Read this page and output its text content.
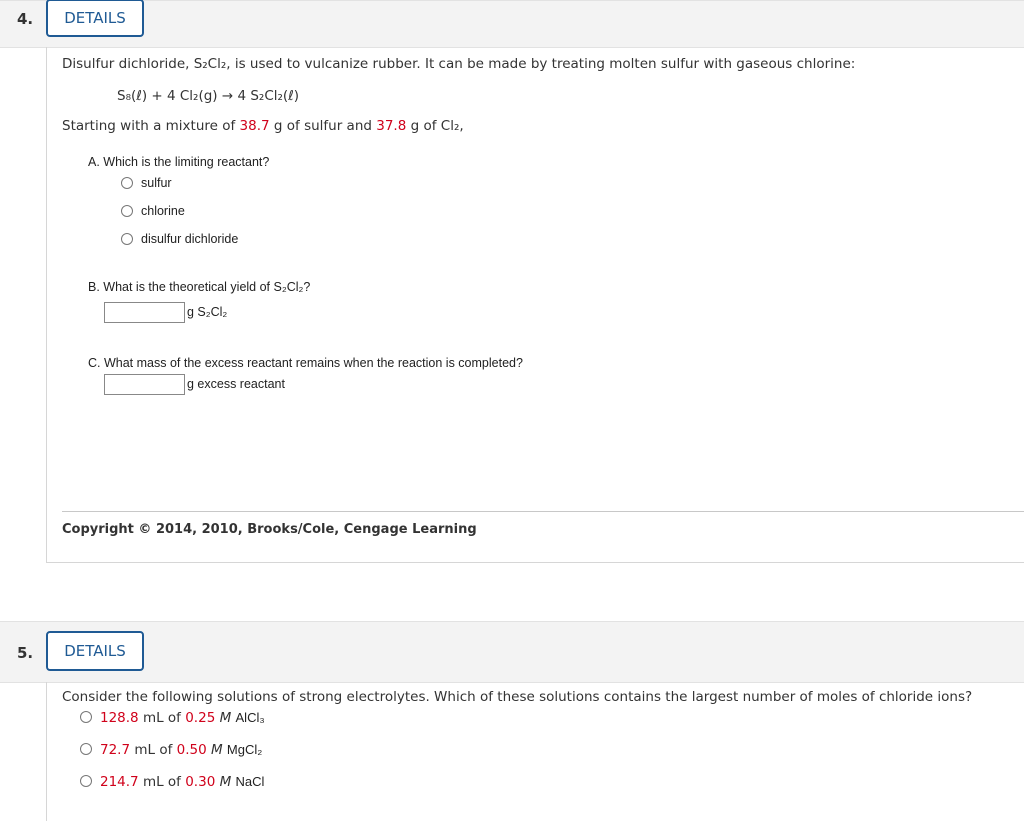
4.	DETAILS
Disulfur dichloride, S₂Cl₂, is used to vulcanize rubber. It can be made by treating molten sulfur with gaseous chlorine:
S₈(ℓ) + 4 Cl₂(g) → 4 S₂Cl₂(ℓ)
Starting with a mixture of 38.7 g of sulfur and 37.8 g of Cl₂,
A. Which is the limiting reactant?
sulfur
chlorine
disulfur dichloride
B. What is the theoretical yield of S₂Cl₂?
g S₂Cl₂
C. What mass of the excess reactant remains when the reaction is completed?
g excess reactant
Copyright © 2014, 2010, Brooks/Cole, Cengage Learning
5.	DETAILS
Consider the following solutions of strong electrolytes. Which of these solutions contains the largest number of moles of chloride ions?
128.8 mL of 0.25 M AlCl₃
72.7 mL of 0.50 M MgCl₂
214.7 mL of 0.30 M NaCl
